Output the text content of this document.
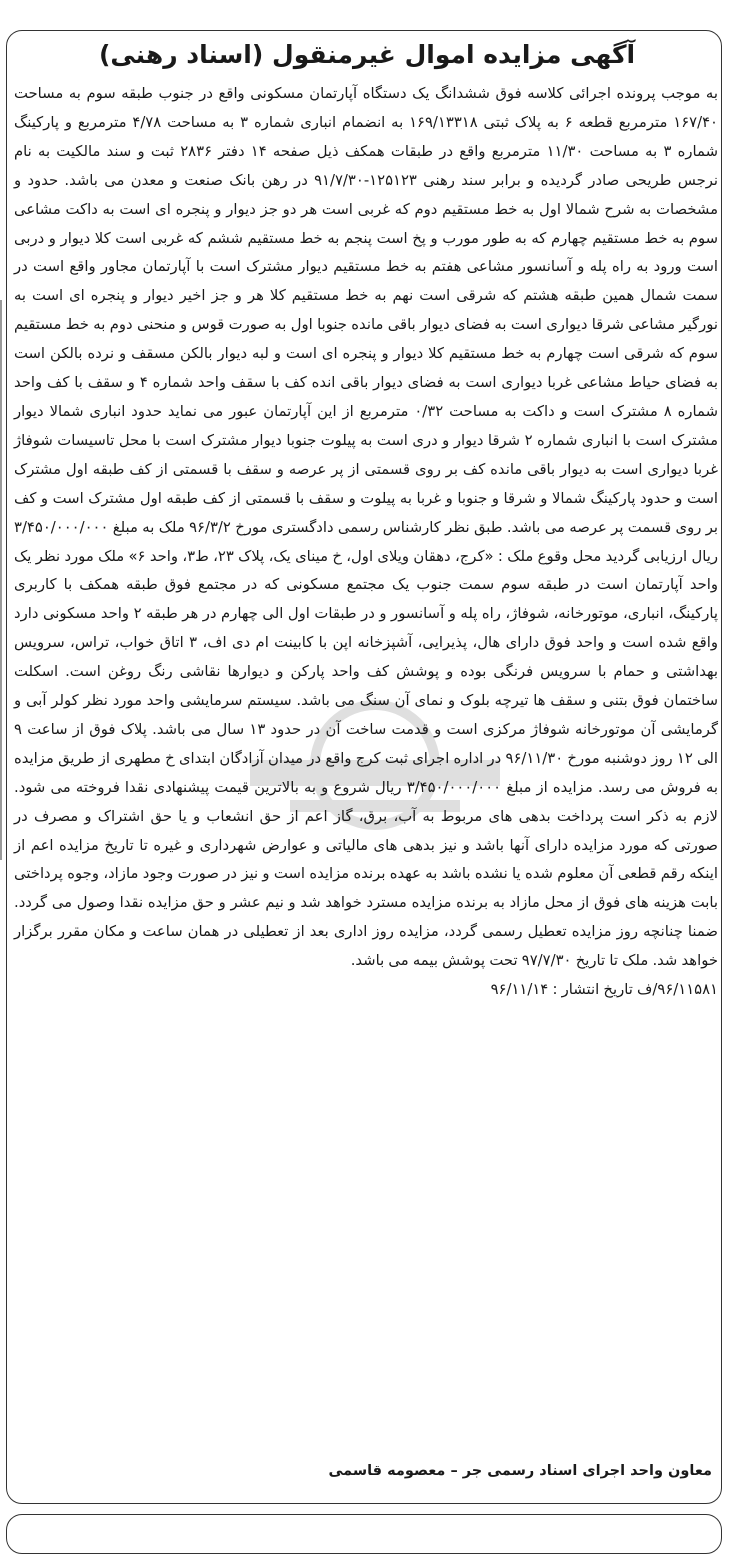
آگهی مزایده اموال غیرمنقول (اسناد رهنی)
به موجب پرونده اجرائی کلاسه فوق ششدانگ یک دستگاه آپارتمان مسکونی واقع در جنوب طبقه سوم به مساحت ۱۶۷/۴۰ مترمربع قطعه ۶ به پلاک ثبتی ۱۶۹/۱۳۳۱۸ به انضمام انباری شماره ۳ به مساحت ۴/۷۸ مترمربع و پارکینگ شماره ۳ به مساحت ۱۱/۳۰ مترمربع واقع در طبقات همکف ذیل صفحه ۱۴ دفتر ۲۸۳۶ ثبت و سند مالکیت به نام نرجس طریحی صادر گردیده و برابر سند رهنی ۱۲۵۱۲۳-۹۱/۷/۳۰ در رهن بانک صنعت و معدن می باشد. حدود و مشخصات به شرح شمالا اول به خط مستقیم دوم که غربی است هر دو جز دیوار و پنجره ای است به داکت مشاعی سوم به خط مستقیم چهارم که به طور مورب و پخ است پنجم به خط مستقیم ششم که غربی است کلا دیوار و دربی است ورود به راه پله و آسانسور مشاعی هفتم به خط مستقیم دیوار مشترک است با آپارتمان مجاور واقع است در سمت شمال همین طبقه هشتم که شرقی است نهم به خط مستقیم کلا هر و جز اخیر دیوار و پنجره ای است به نورگیر مشاعی شرقا دیواری است به فضای دیوار باقی مانده جنوبا اول به صورت قوس و منحنی دوم به خط مستقیم سوم که شرقی است چهارم به خط مستقیم کلا دیوار و پنجره ای است و لبه دیوار بالکن مسقف و نرده بالکن است به فضای حیاط مشاعی غربا دیواری است به فضای دیوار باقی انده کف با سقف واحد شماره ۴ و سقف با کف واحد شماره ۸ مشترک است و داکت به مساحت ۰/۳۲ مترمربع از این آپارتمان عبور می نماید حدود انباری شمالا دیوار مشترک است با انباری شماره ۲ شرقا دیوار و دری است به پیلوت جنوبا دیوار مشترک است با محل تاسیسات شوفاژ غربا دیواری است به دیوار باقی مانده کف بر روی قسمتی از پر عرصه و سقف با قسمتی از کف طبقه اول مشترک است و حدود پارکینگ شمالا و شرقا و جنوبا و غربا به پیلوت و سقف با قسمتی از کف طبقه اول مشترک است و کف بر روی قسمت پر عرصه می باشد. طبق نظر کارشناس رسمی دادگستری مورخ ۹۶/۳/۲ ملک به مبلغ ۳/۴۵۰/۰۰۰/۰۰۰ ریال ارزیابی گردید محل وقوع ملک : «کرج، دهقان ویلای اول، خ مینای یک، پلاک ۲۳، ط۳، واحد ۶» ملک مورد نظر یک واحد آپارتمان است در طبقه سوم سمت جنوب یک مجتمع مسکونی که در مجتمع فوق طبقه همکف با کاربری پارکینگ، انباری، موتورخانه، شوفاژ، راه پله و آسانسور و در طبقات اول الی چهارم در هر طبقه ۲ واحد مسکونی دارد واقع شده است و واحد فوق دارای هال، پذیرایی، آشپزخانه اپن با کابینت ام دی اف، ۳ اتاق خواب، تراس، سرویس بهداشتی و حمام با سرویس فرنگی بوده و پوشش کف واحد پارکن و دیوارها نقاشی رنگ روغن است. اسکلت ساختمان فوق بتنی و سقف ها تیرچه بلوک و نمای آن سنگ می باشد. سیستم سرمایشی واحد مورد نظر کولر آبی و گرمایشی آن موتورخانه شوفاژ مرکزی است و قدمت ساخت آن در حدود ۱۳ سال می باشد. پلاک فوق از ساعت ۹ الی ۱۲ روز دوشنبه مورخ ۹۶/۱۱/۳۰ در اداره اجرای ثبت کرج واقع در میدان آزادگان ابتدای خ مطهری از طریق مزایده به فروش می رسد. مزایده از مبلغ ۳/۴۵۰/۰۰۰/۰۰۰ ریال شروع و به بالاترین قیمت پیشنهادی نقدا فروخته می شود. لازم به ذکر است پرداخت بدهی های مربوط به آب، برق، گاز اعم از حق انشعاب و یا حق اشتراک و مصرف در صورتی که مورد مزایده دارای آنها باشد و نیز بدهی های مالیاتی و عوارض شهرداری و غیره تا تاریخ مزایده اعم از اینکه رقم قطعی آن معلوم شده یا نشده باشد به عهده برنده مزایده است و نیز در صورت وجود مازاد، وجوه پرداختی بابت هزینه های فوق از محل مازاد به برنده مزایده مسترد خواهد شد و نیم عشر و حق مزایده نقدا وصول می گردد. ضمنا چنانچه روز مزایده تعطیل رسمی گردد، مزایده روز اداری بعد از تعطیلی در همان ساعت و مکان مقرر برگزار خواهد شد. ملک تا تاریخ ۹۷/۷/۳۰ تحت پوشش بیمه می باشد.
۹۶/۱۱۵۸۱/ف تاریخ انتشار : ۹۶/۱۱/۱۴
معاون واحد اجرای اسناد رسمی جر – معصومه قاسمی
